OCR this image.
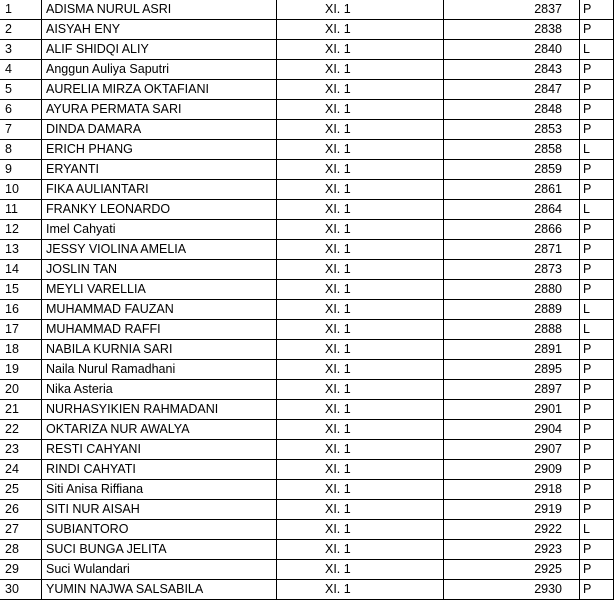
1	ADISMA NURUL ASRI	XI. 1	2837	P
2	AISYAH ENY	XI. 1	2838	P
3	ALIF SHIDQI ALIY	XI. 1	2840	L
4	Anggun Auliya Saputri	XI. 1	2843	P
5	AURELIA MIRZA OKTAFIANI	XI. 1	2847	P
6	AYURA PERMATA SARI	XI. 1	2848	P
7	DINDA DAMARA	XI. 1	2853	P
8	ERICH PHANG	XI. 1	2858	L
9	ERYANTI	XI. 1	2859	P
10	FIKA AULIANTARI	XI. 1	2861	P
11	FRANKY LEONARDO	XI. 1	2864	L
12	Imel Cahyati	XI. 1	2866	P
13	JESSY VIOLINA AMELIA	XI. 1	2871	P
14	JOSLIN TAN	XI. 1	2873	P
15	MEYLI VARELLIA	XI. 1	2880	P
16	MUHAMMAD FAUZAN	XI. 1	2889	L
17	MUHAMMAD RAFFI	XI. 1	2888	L
18	NABILA KURNIA SARI	XI. 1	2891	P
19	Naila Nurul Ramadhani	XI. 1	2895	P
20	Nika Asteria	XI. 1	2897	P
21	NURHASYIKIEN RAHMADANI	XI. 1	2901	P
22	OKTARIZA NUR AWALYA	XI. 1	2904	P
23	RESTI CAHYANI	XI. 1	2907	P
24	RINDI CAHYATI	XI. 1	2909	P
25	Siti Anisa Riffiana	XI. 1	2918	P
26	SITI NUR AISAH	XI. 1	2919	P
27	SUBIANTORO	XI. 1	2922	L
28	SUCI BUNGA JELITA	XI. 1	2923	P
29	Suci Wulandari	XI. 1	2925	P
30	YUMIN NAJWA SALSABILA	XI. 1	2930	P
